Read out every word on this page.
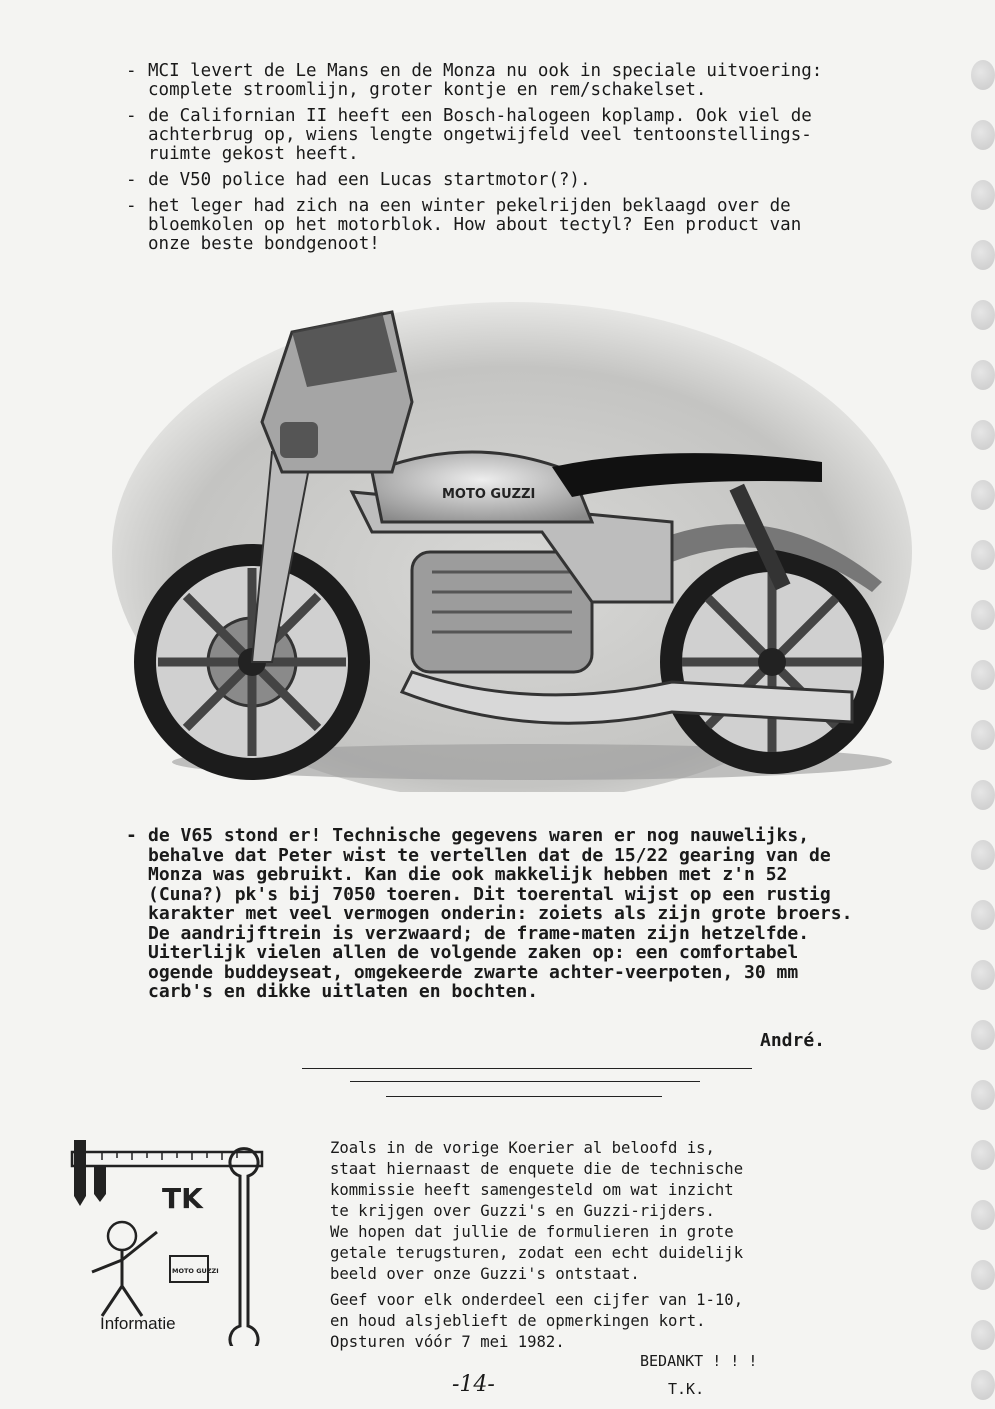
- MCI levert de Le Mans en de Monza nu ook in speciale uitvoering:
complete stroomlijn, groter kontje en rem/schakelset.
- de Californian II heeft een Bosch-halogeen koplamp. Ook viel de
achterbrug op, wiens lengte ongetwijfeld veel tentoonstellings-
ruimte gekost heeft.
- de V50 police had een Lucas startmotor(?).
- het leger had zich na een winter pekelrijden beklaagd over de
bloemkolen op het motorblok. How about tectyl? Een product van
onze beste bondgenoot!
MOTO GUZZI
- de V65 stond er! Technische gegevens waren er nog nauwelijks,
behalve dat Peter wist te vertellen dat de 15/22 gearing van de
Monza was gebruikt. Kan die ook makkelijk hebben met z'n 52
(Cuna?) pk's bij 7050 toeren. Dit toerental wijst op een rustig
karakter met veel vermogen onderin: zoiets als zijn grote broers.
De aandrijftrein is verzwaard; de frame-maten zijn hetzelfde.
Uiterlijk vielen allen de volgende zaken op: een comfortabel
ogende buddeyseat, omgekeerde zwarte achter-veerpoten, 30 mm
carb's en dikke uitlaten en bochten.
André.
TK
MOTO GUZZI
Informatie
Zoals in de vorige Koerier al beloofd is,
staat hiernaast de enquete die de technische
kommissie heeft samengesteld om wat inzicht
te krijgen over Guzzi's en Guzzi-rijders.
We hopen dat jullie de formulieren in grote
getale terugsturen, zodat een echt duidelijk
beeld over onze Guzzi's ontstaat.
Geef voor elk onderdeel een cijfer van 1-10,
en houd alsjeblieft de opmerkingen kort.
Opsturen vóór 7 mei 1982.
BEDANKT ! ! !
-14-	T.K.
